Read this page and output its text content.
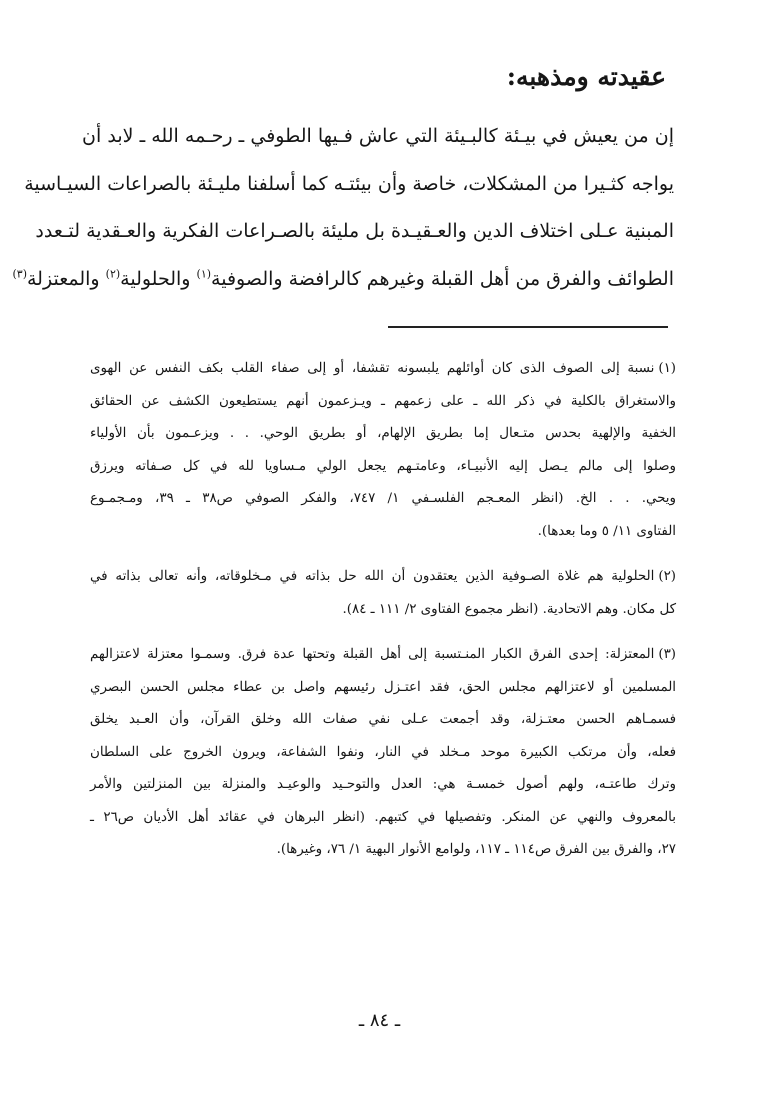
عقيدته ومذهبه:
إن من يعيش في بيـئة كالبـيئة التي عاش فـيها الطوفي ـ رحـمه الله ـ لابد أن
يواجه كثـيرا من المشكلات، خاصة وأن بيئتـه كما أسلفنا مليـئة بالصراعات السيـاسية
المبنية عـلى اختلاف الدين والعـقيـدة بل مليئة بالصـراعات الفكرية والعـقدية لتـعدد
الطوائف والفرق من أهل القبلة وغيرهم كالرافضة والصوفية$^{(١)}$ والحلولية$^{(٢)}$ والمعتزلة$^{(٣)}$
(١)نسبة إلى الصوف الذى كان أوائلهم يلبسونه تقشفا، أو إلى صفاء القلب بكف النفس عن الهوى
والاستغراق بالكلية في ذكر الله ـ على زعمهم ـ ويـزعمون أنهم يستطيعون الكشف عن الحقائق
الخفية والإلهية بحدس متـعال إما بطريق الإلهام، أو بطريق الوحي. . . ويزعـمون بأن الأولياء
وصلوا إلى مالم يـصل إليه الأنبيـاء، وعامتـهم يجعل الولي مـساويا لله في كل صـفاته ويرزق
ويحي. . . الخ. (انظر المعـجم الفلسـفي ١/ ٧٤٧، والفكر الصوفي ص٣٨ ـ ٣٩، ومـجمـوع
الفتاوى ١١/ ٥ وما بعدها).
(٢)الحلولية هم غلاة الصـوفية الذين يعتقدون أن الله حل بذاته في مـخلوقاته، وأنه تعالى بذاته في
كل مكان. وهم الاتحادية. (انظر مجموع الفتاوى ٢/ ١١١ ـ ٨٤).
(٣)المعتزلة: إحدى الفرق الكبار المنـتسبة إلى أهل القبلة وتحتها عدة فرق. وسمـوا معتزلة لاعتزالهم
المسلمين أو لاعتزالهم مجلس الحق، فقد اعتـزل رئيسهم واصل بن عطاء مجلس الحسن البصري
فسمـاهم الحسن معتـزلة، وقد أجمعت عـلى نفي صفات الله وخلق القرآن، وأن العـبد يخلق
فعله، وأن مرتكب الكبيرة موحد مـخلد في النار، ونفوا الشفاعة، ويرون الخروج على السلطان
وترك طاعتـه، ولهم أصول خمسـة هي: العدل والتوحـيد والوعيـد والمنزلة بين المنزلتين والأمر
بالمعروف والنهي عن المنكر. وتفصيلها في كتبهم. (انظر البرهان في عقائد أهل الأديان ص٢٦ ـ
٢٧، والفرق بين الفرق ص١١٤ ـ ١١٧، ولوامع الأنوار البهية ١/ ٧٦، وغيرها).
ـ ٨٤ ـ
